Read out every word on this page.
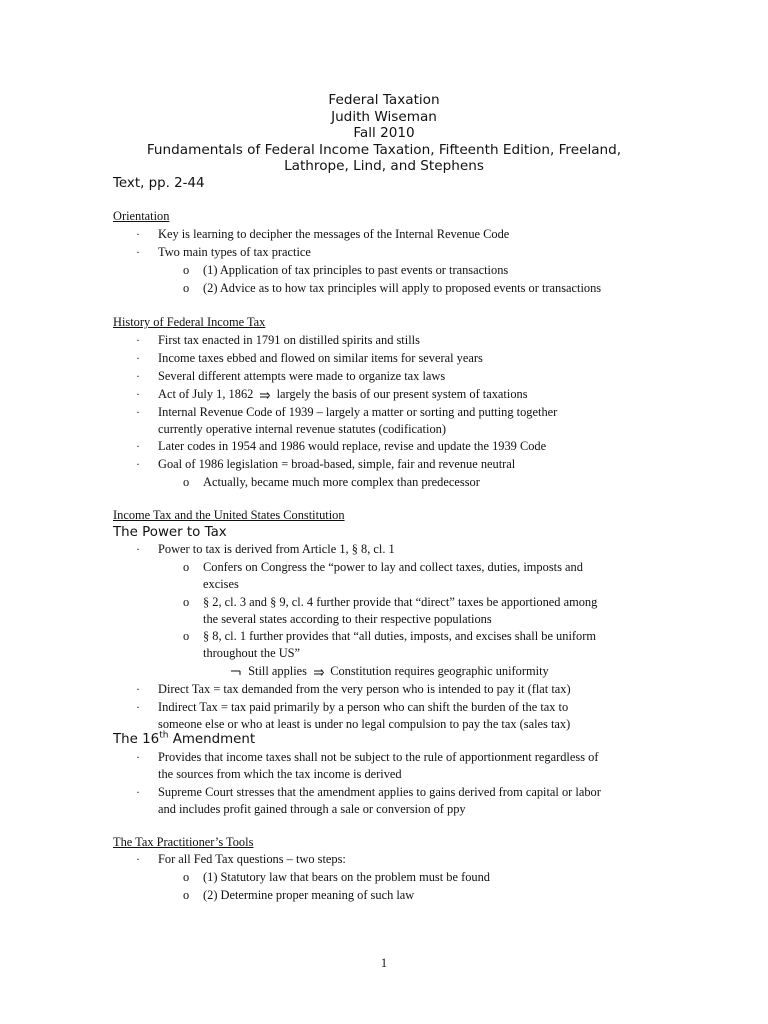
Federal Taxation
Judith Wiseman
Fall 2010
Fundamentals of Federal Income Taxation, Fifteenth Edition, Freeland,
Lathrope, Lind, and Stephens
Text, pp. 2-44
Orientation
· Key is learning to decipher the messages of the Internal Revenue Code
· Two main types of tax practice
o (1) Application of tax principles to past events or transactions
o (2) Advice as to how tax principles will apply to proposed events or transactions
History of Federal Income Tax
· First tax enacted in 1791 on distilled spirits and stills
· Income taxes ebbed and flowed on similar items for several years
· Several different attempts were made to organize tax laws
· Act of July 1, 1862 largely the basis of our present system of taxations
· Internal Revenue Code of 1939 – largely a matter or sorting and putting together
currently operative internal revenue statutes (codification)
· Later codes in 1954 and 1986 would replace, revise and update the 1939 Code
· Goal of 1986 legislation = broad-based, simple, fair and revenue neutral
o Actually, became much more complex than predecessor
Income Tax and the United States Constitution
The Power to Tax
· Power to tax is derived from Article 1, § 8, cl. 1
o Confers on Congress the “power to lay and collect taxes, duties, imposts and
excises
o § 2, cl. 3 and § 9, cl. 4 further provide that “direct” taxes be apportioned among
the several states according to their respective populations
o § 8, cl. 1 further provides that “all duties, imposts, and excises shall be uniform
throughout the US”
Still applies Constitution requires geographic uniformity
· Direct Tax = tax demanded from the very person who is intended to pay it (flat tax)
· Indirect Tax = tax paid primarily by a person who can shift the burden of the tax to
someone else or who at least is under no legal compulsion to pay the tax (sales tax)
The 16th Amendment
· Provides that income taxes shall not be subject to the rule of apportionment regardless of
the sources from which the tax income is derived
· Supreme Court stresses that the amendment applies to gains derived from capital or labor
and includes profit gained through a sale or conversion of ppy
The Tax Practitioner’s Tools
· For all Fed Tax questions – two steps:
o (1) Statutory law that bears on the problem must be found
o (2) Determine proper meaning of such law
1
